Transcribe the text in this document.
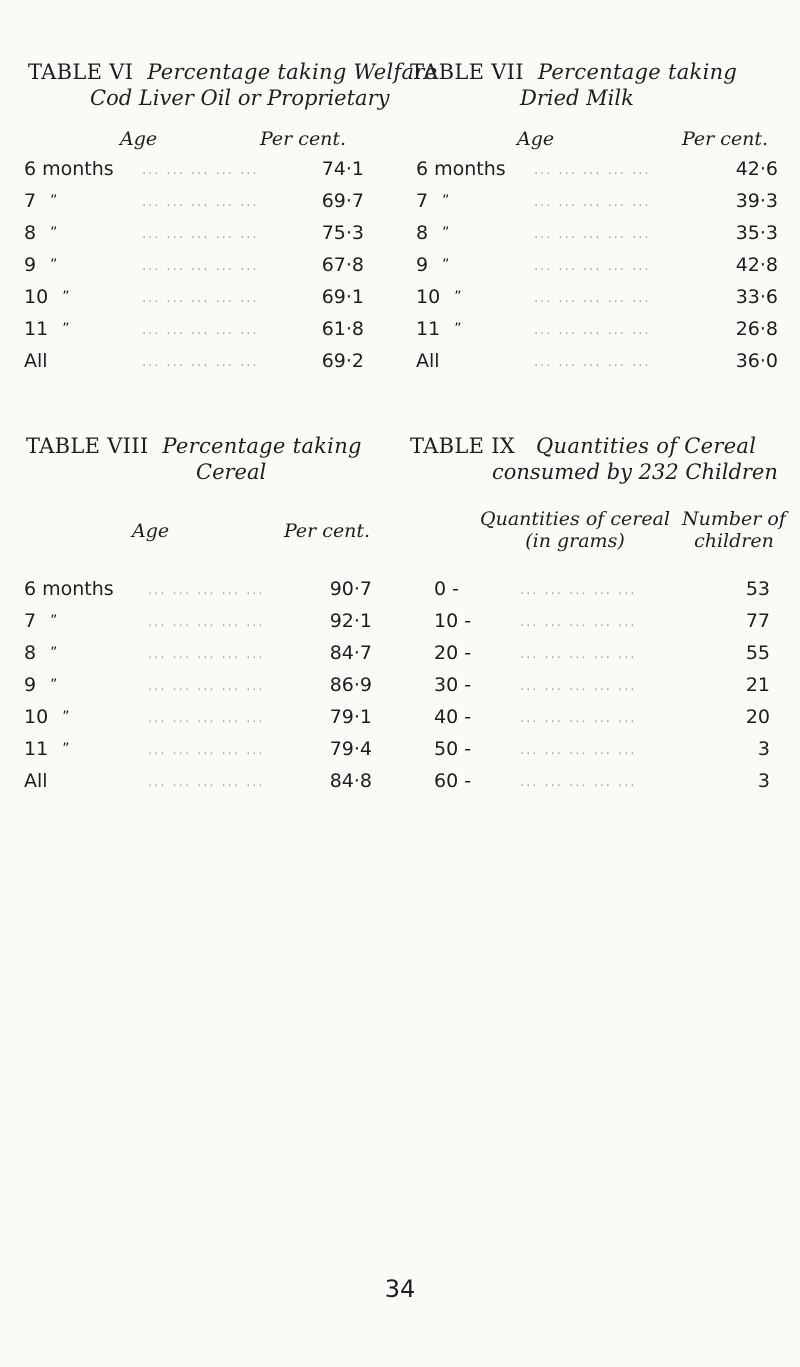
TABLE VI Percentage taking Welfare
Cod Liver Oil or Proprietary
Age	Per cent.
6 months ... ... ... ... ...	74·1
7 ”	... ... ... ... ...	69·7
8 ”	... ... ... ... ...	75·3
9 ”	... ... ... ... ...	67·8
10 ”	... ... ... ... ...	69·1
11 ”	... ... ... ... ...	61·8
All	... ... ... ... ...	69·2
TABLE VII Percentage taking
Dried Milk
Age	Per cent.
6 months ... ... ... ... ...	42·6
7 ”	... ... ... ... ...	39·3
8 ”	... ... ... ... ...	35·3
9 ”	... ... ... ... ...	42·8
10 ”	... ... ... ... ...	33·6
11 ”	... ... ... ... ...	26·8
All	... ... ... ... ...	36·0
TABLE VIII Percentage taking
Cereal
Age	Per cent.
6 months	... ... ... ... ...	90·7
7 ”	... ... ... ... ...	92·1
8 ”	... ... ... ... ...	84·7
9 ”	... ... ... ... ...	86·9
10 ”	... ... ... ... ...	79·1
11 ”	... ... ... ... ...	79·4
All	... ... ... ... ...	84·8
TABLE IX Quantities of Cereal
consumed by 232 Children
Quantities of cereal
(in grams)
Number of
children
0 -	... ... ... ... ...	53
10 -	... ... ... ... ...	77
20 -	... ... ... ... ...	55
30 -	... ... ... ... ...	21
40 -	... ... ... ... ...	20
50 -	... ... ... ... ...	3
60 -	... ... ... ... ...	3
34
